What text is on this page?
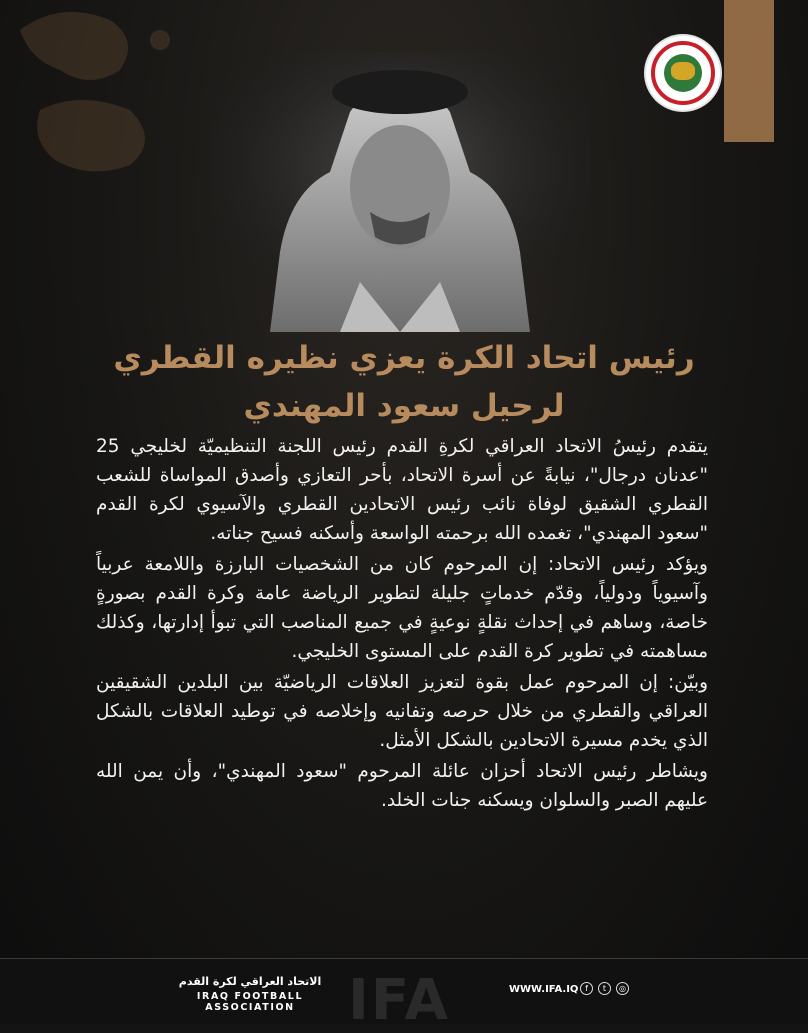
رئيس اتحاد الكرة يعزي نظيره القطري
لرحيل سعود المهندي

يتقدم رئيسُ الاتحاد العراقي لكرةِ القدم رئيس اللجنة التنظيميّة لخليجي 25 "عدنان درجال"، نيابةً عن أسرة الاتحاد، بأحر التعازي وأصدق المواساة للشعب القطري الشقيق لوفاة نائب رئيس الاتحادين القطري والآسيوي لكرة القدم "سعود المهندي"، تغمده الله برحمته الواسعة وأسكنه فسيح جناته.

ويؤكد رئيس الاتحاد: إن المرحوم كان من الشخصيات البارزة واللامعة عربياً وآسيوياً ودولياً، وقدّم خدماتٍ جليلة لتطوير الرياضة عامة وكرة القدم بصورةٍ خاصة، وساهم في إحداث نقلةٍ نوعيةٍ في جميع المناصب التي تبوأ إدارتها، وكذلك مساهمته في تطوير كرة القدم على المستوى الخليجي.

وبيّن: إن المرحوم عمل بقوة لتعزيز العلاقات الرياضيّة بين البلدين الشقيقين العراقي والقطري من خلال حرصه وتفانيه وإخلاصه في توطيد العلاقات بالشكل الذي يخدم مسيرة الاتحادين بالشكل الأمثل.

ويشاطر رئيس الاتحاد أحزان عائلة المرحوم "سعود المهندي"، وأن يمن الله عليهم الصبر والسلوان ويسكنه جنات الخلد.

IFA
الاتحاد العراقي لكرة القدم
IRAQ FOOTBALL ASSOCIATION
WWW.IFA.IQ f	t	◎
